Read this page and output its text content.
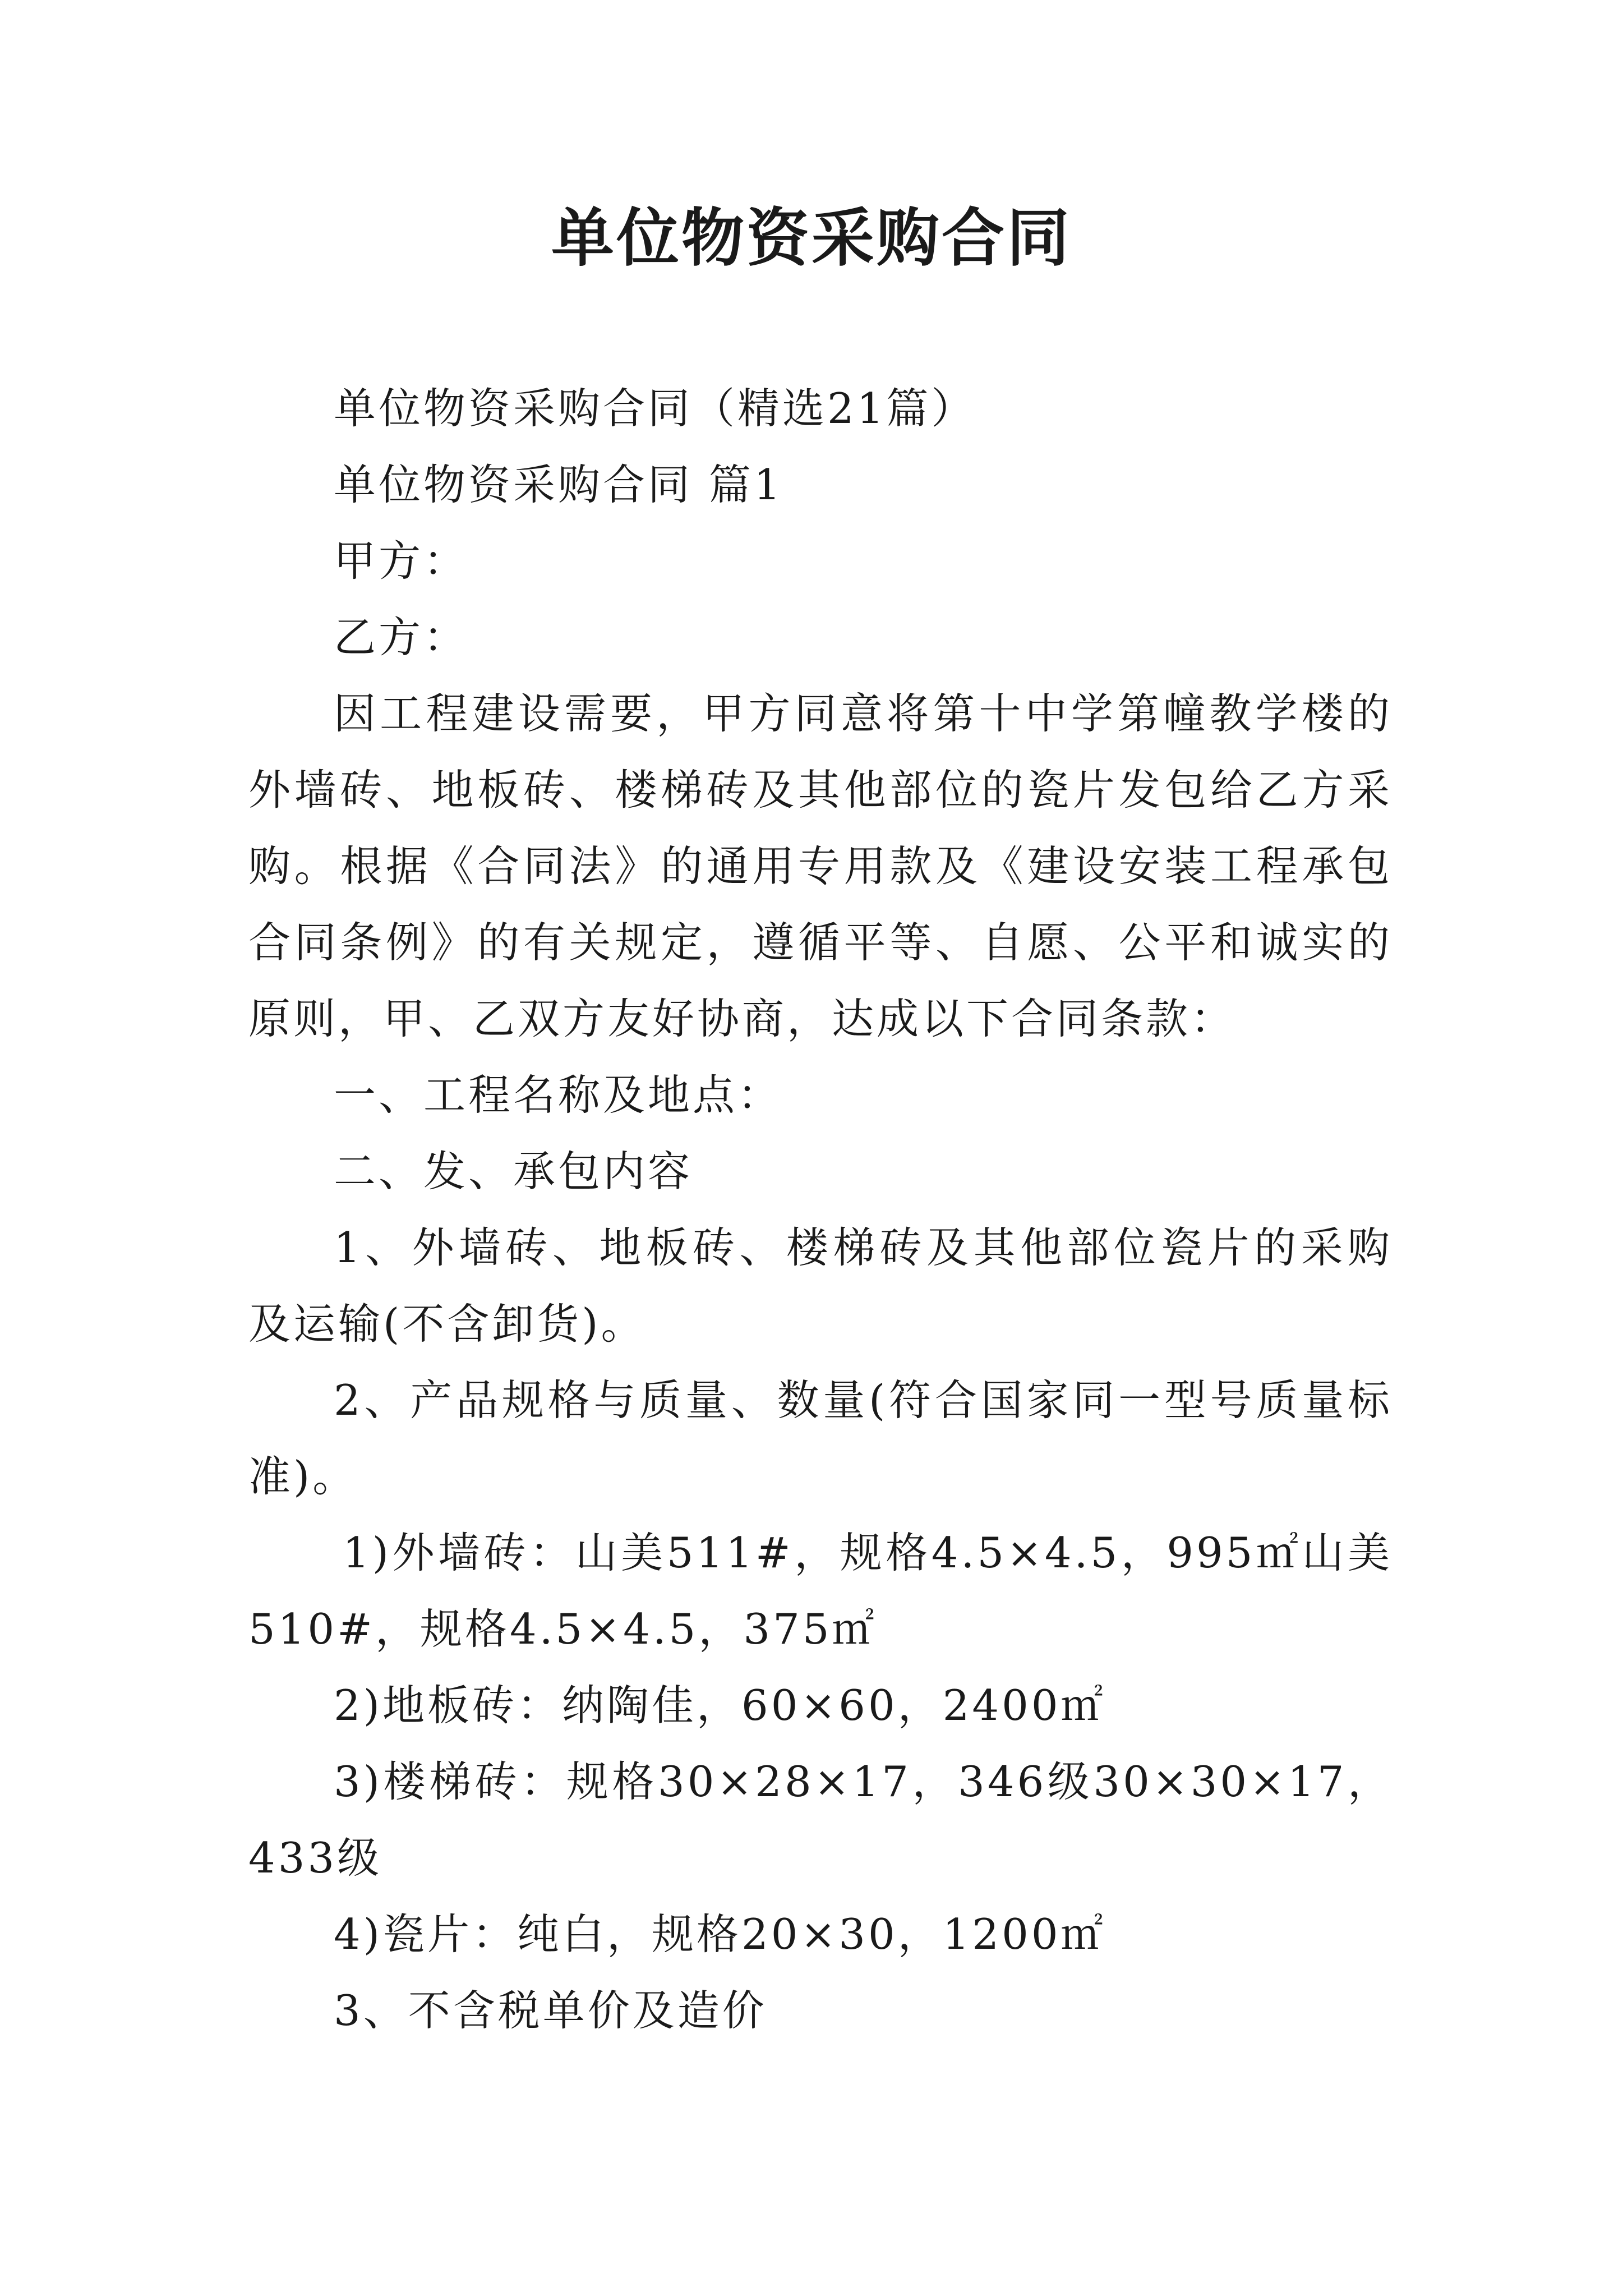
单位物资采购合同

单位物资采购合同（精选21篇）

单位物资采购合同 篇1

甲方：

乙方：

因工程建设需要，甲方同意将第十中学第幢教学楼的外墙砖、地板砖、楼梯砖及其他部位的瓷片发包给乙方采购。根据《合同法》的通用专用款及《建设安装工程承包合同条例》的有关规定，遵循平等、自愿、公平和诚实的原则，甲、乙双方友好协商，达成以下合同条款：

一、工程名称及地点：

二、发、承包内容

1、外墙砖、地板砖、楼梯砖及其他部位瓷片的采购及运输(不含卸货)。

2、产品规格与质量、数量(符合国家同一型号质量标准)。

1)外墙砖：山美511#，规格4.5×4.5，995㎡山美510#，规格4.5×4.5，375㎡

2)地板砖：纳陶佳，60×60，2400㎡

3)楼梯砖：规格30×28×17，346级30×30×17，433级

4)瓷片：纯白，规格20×30，1200㎡

3、不含税单价及造价
